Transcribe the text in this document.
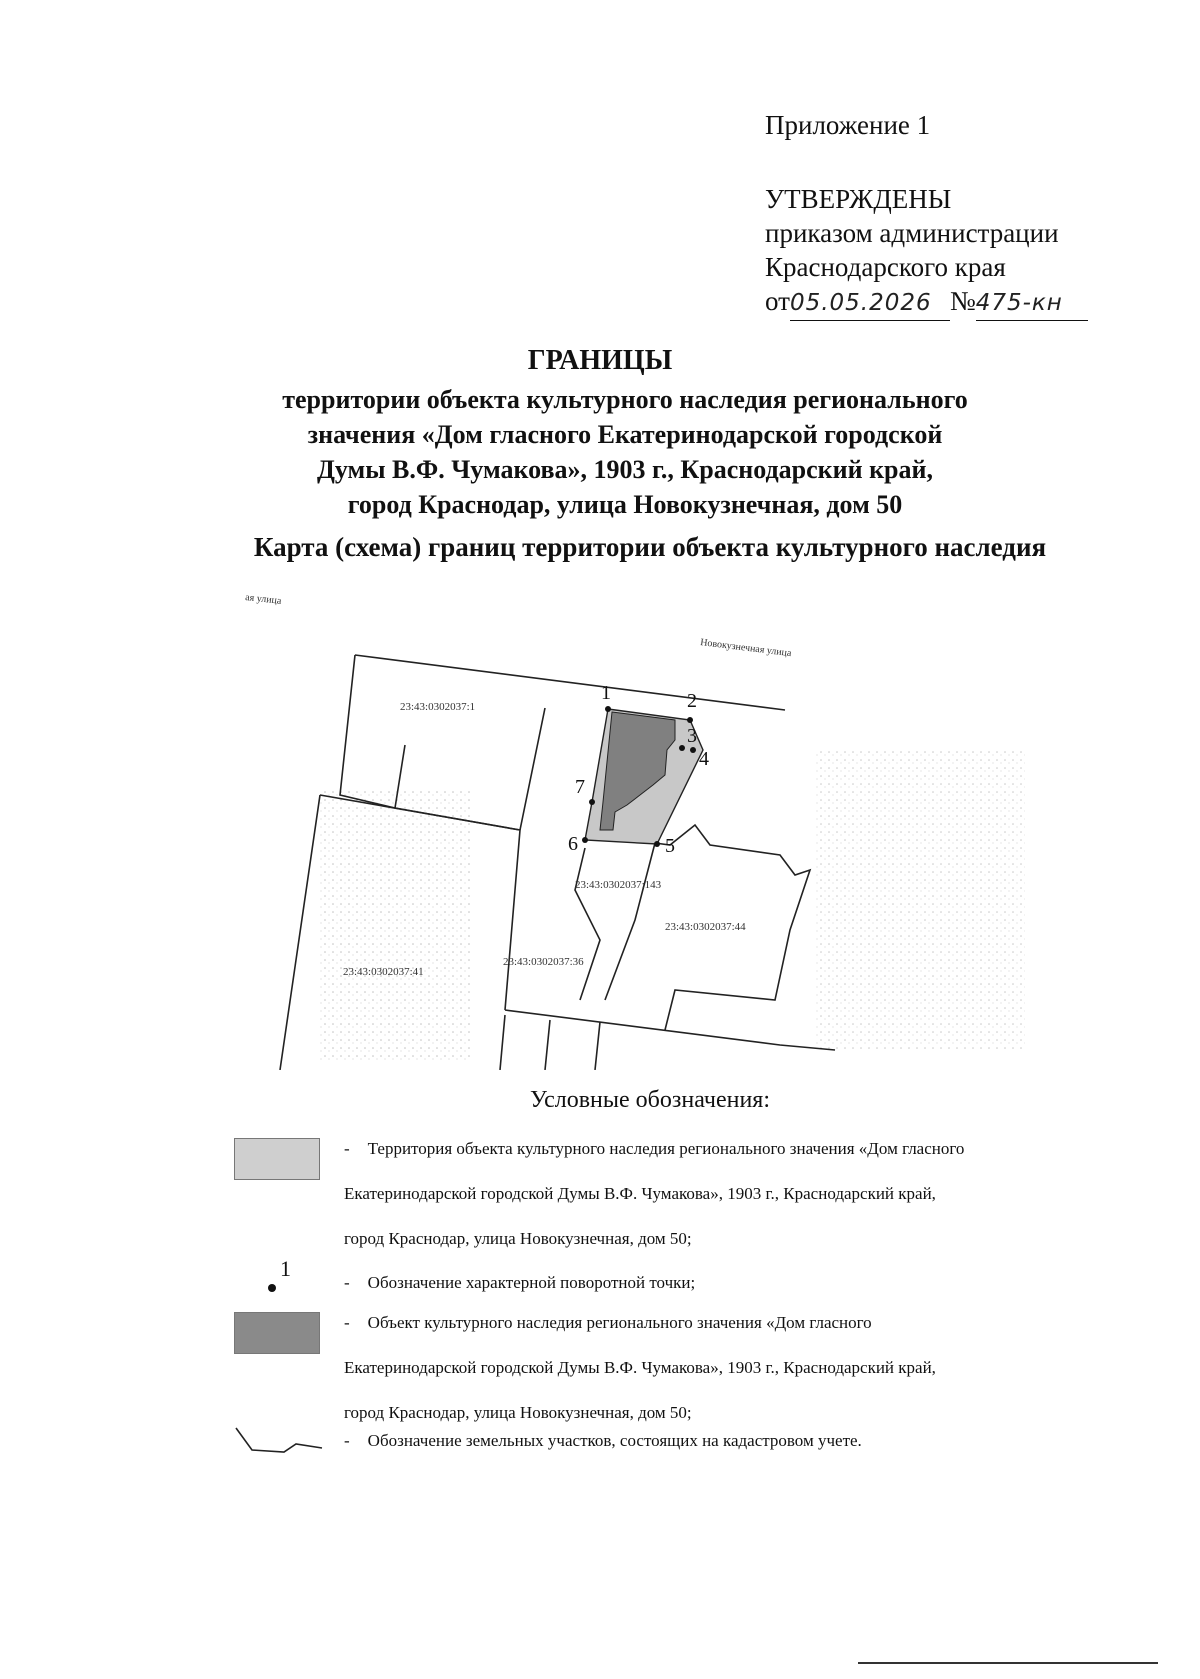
Приложение 1
УТВЕРЖДЕНЫ
приказом администрации
Краснодарского края
от05.05.2026 №475-кн
ГРАНИЦЫ
территории объекта культурного наследия регионального
значения «Дом гласного Екатеринодарской городской
Думы В.Ф. Чумакова», 1903 г., Краснодарский край,
город Краснодар, улица Новокузнечная, дом 50
Карта (схема) границ территории объекта культурного наследия
1	2
3
4
5
6
7
23:43:0302037:1
23:43:0302037:143
23:43:0302037:44
23:43:0302037:41
23:43:0302037:36
Новокузнечная улица
ая улица
Условные обозначения:
- Территория объекта культурного наследия регионального значения «Дом гласного
Екатеринодарской городской Думы В.Ф. Чумакова», 1903 г., Краснодарский край,
город Краснодар, улица Новокузнечная, дом 50;
1
- Обозначение характерной поворотной точки;
- Объект культурного наследия регионального значения «Дом гласного
Екатеринодарской городской Думы В.Ф. Чумакова», 1903 г., Краснодарский край,
город Краснодар, улица Новокузнечная, дом 50;
- Обозначение земельных участков, состоящих на кадастровом учете.
